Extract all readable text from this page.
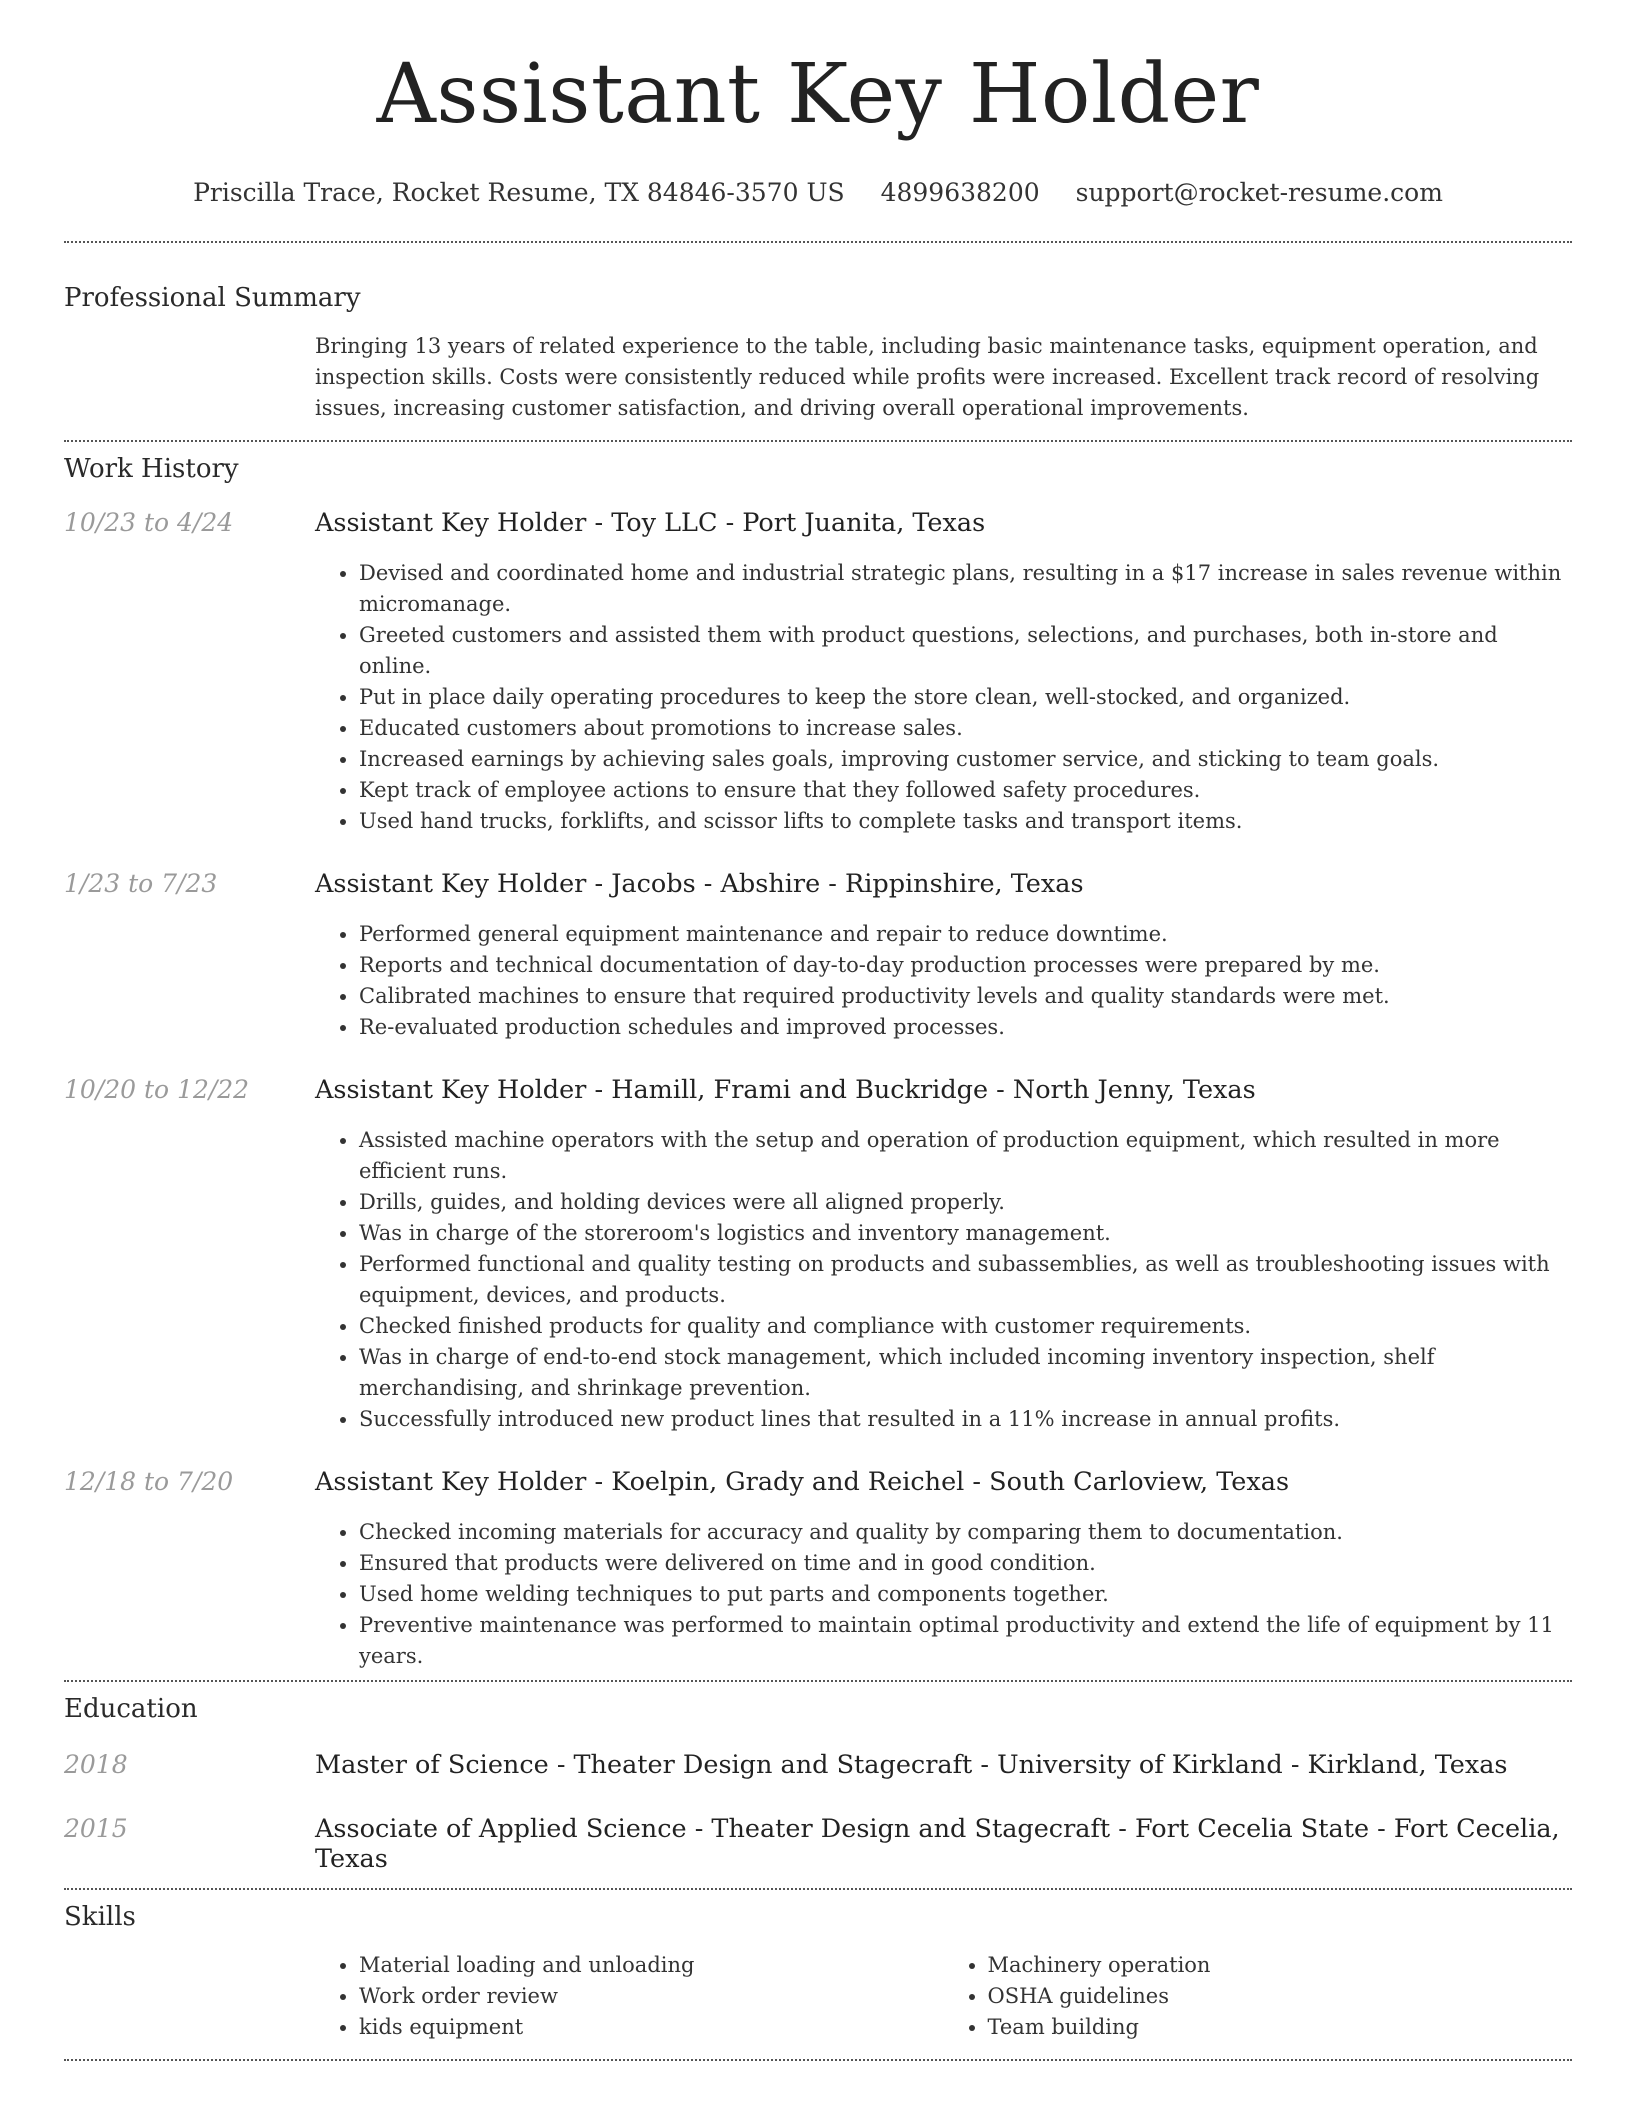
Assistant Key Holder
Priscilla Trace, Rocket Resume, TX 84846-3570 US 4899638200 support@rocket-resume.com
Professional Summary
Bringing 13 years of related experience to the table, including basic maintenance tasks, equipment operation, and inspection skills. Costs were consistently reduced while profits were increased. Excellent track record of resolving issues, increasing customer satisfaction, and driving overall operational improvements.
Work History
10/23 to 4/24	Assistant Key Holder - Toy LLC - Port Juanita, Texas
• Devised and coordinated home and industrial strategic plans, resulting in a $17 increase in sales revenue within micromanage.
• Greeted customers and assisted them with product questions, selections, and purchases, both in-store and online.
• Put in place daily operating procedures to keep the store clean, well-stocked, and organized.
• Educated customers about promotions to increase sales.
• Increased earnings by achieving sales goals, improving customer service, and sticking to team goals.
• Kept track of employee actions to ensure that they followed safety procedures.
• Used hand trucks, forklifts, and scissor lifts to complete tasks and transport items.
1/23 to 7/23	Assistant Key Holder - Jacobs - Abshire - Rippinshire, Texas
• Performed general equipment maintenance and repair to reduce downtime.
• Reports and technical documentation of day-to-day production processes were prepared by me.
• Calibrated machines to ensure that required productivity levels and quality standards were met.
• Re-evaluated production schedules and improved processes.
10/20 to 12/22	Assistant Key Holder - Hamill, Frami and Buckridge - North Jenny, Texas
• Assisted machine operators with the setup and operation of production equipment, which resulted in more efficient runs.
• Drills, guides, and holding devices were all aligned properly.
• Was in charge of the storeroom's logistics and inventory management.
• Performed functional and quality testing on products and subassemblies, as well as troubleshooting issues with equipment, devices, and products.
• Checked finished products for quality and compliance with customer requirements.
• Was in charge of end-to-end stock management, which included incoming inventory inspection, shelf merchandising, and shrinkage prevention.
• Successfully introduced new product lines that resulted in a 11% increase in annual profits.
12/18 to 7/20	Assistant Key Holder - Koelpin, Grady and Reichel - South Carloview, Texas
• Checked incoming materials for accuracy and quality by comparing them to documentation.
• Ensured that products were delivered on time and in good condition.
• Used home welding techniques to put parts and components together.
• Preventive maintenance was performed to maintain optimal productivity and extend the life of equipment by 11 years.
Education
2018	Master of Science - Theater Design and Stagecraft - University of Kirkland - Kirkland, Texas
2015	Associate of Applied Science - Theater Design and Stagecraft - Fort Cecelia State - Fort Cecelia, Texas
Skills
• Material loading and unloading
• Work order review
• kids equipment
• Machinery operation
• OSHA guidelines
• Team building
